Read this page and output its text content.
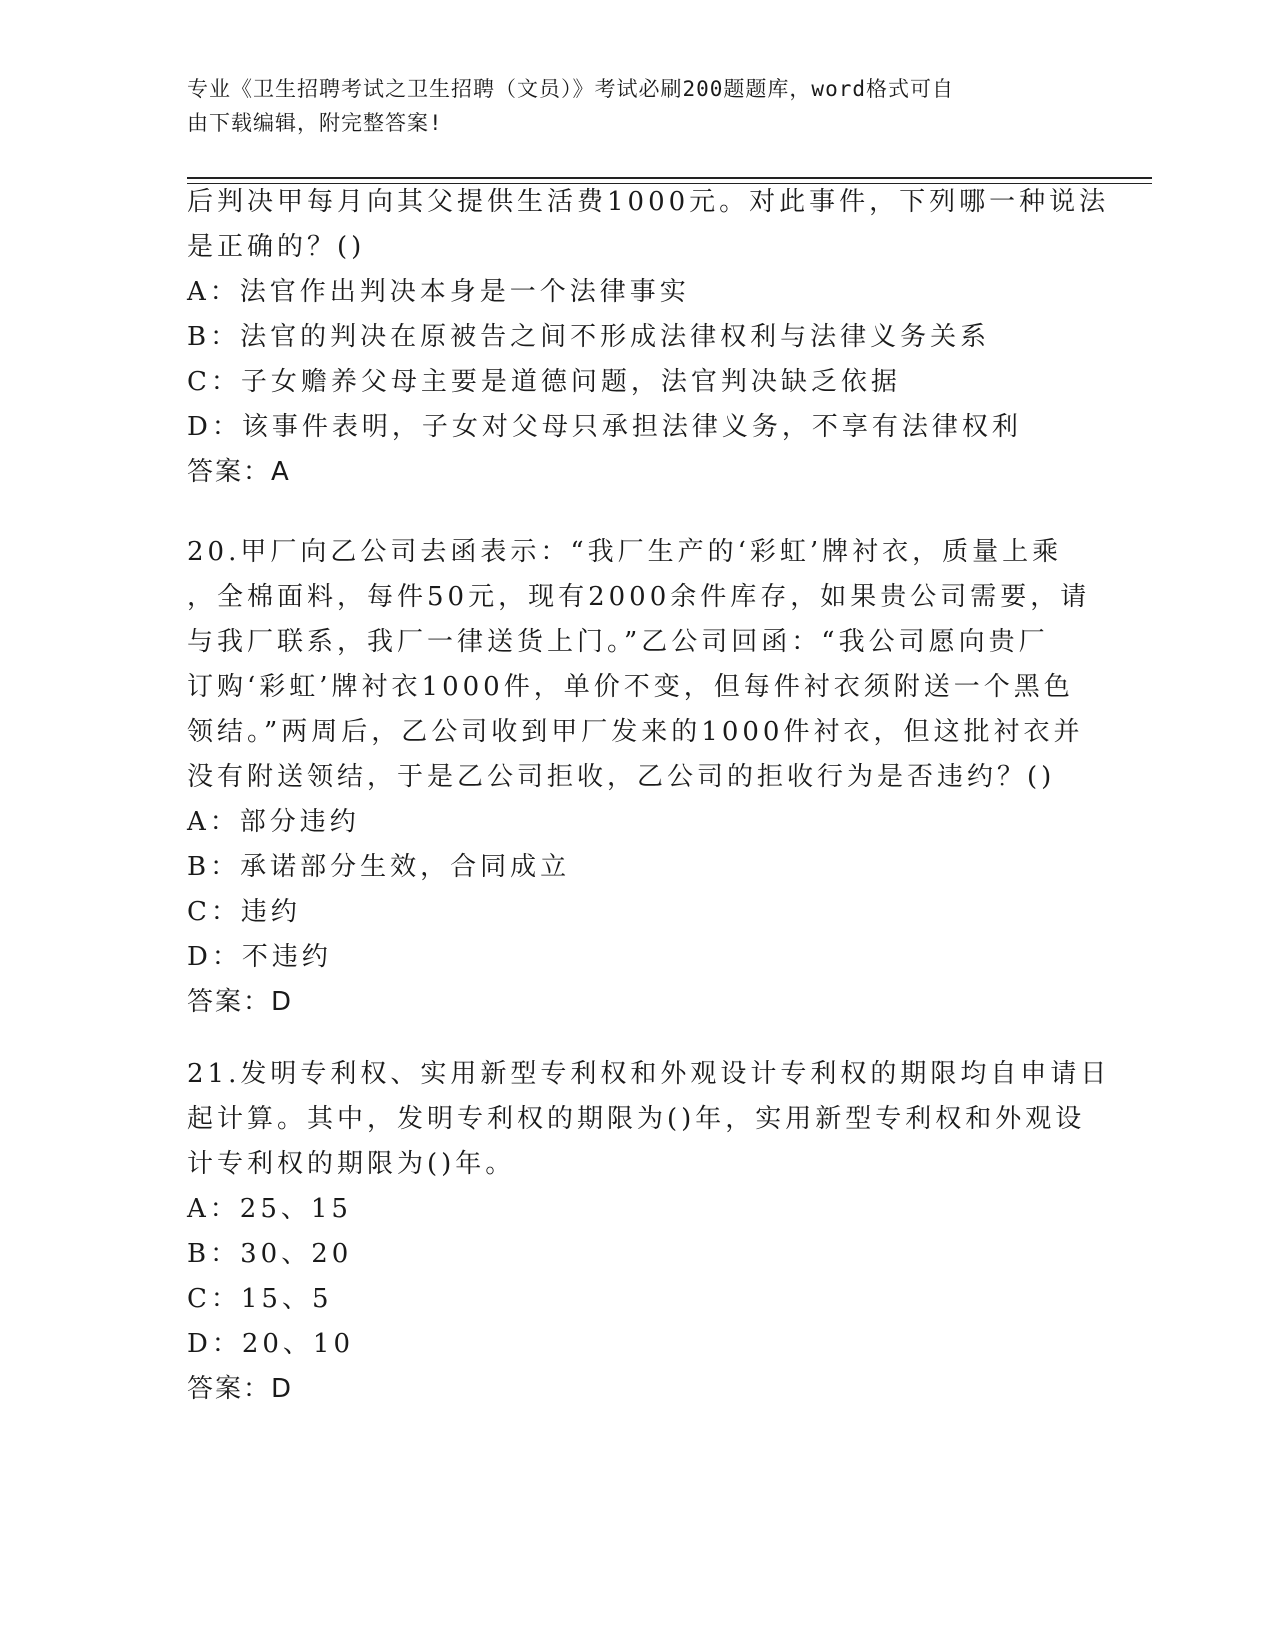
专业《卫生招聘考试之卫生招聘（文员）》考试必刷200题题库，word格式可自
由下载编辑，附完整答案!
后判决甲每月向其父提供生活费1000元。对此事件，下列哪一种说法
是正确的？()
A：法官作出判决本身是一个法律事实
B：法官的判决在原被告之间不形成法律权利与法律义务关系
C：子女赡养父母主要是道德问题，法官判决缺乏依据
D：该事件表明，子女对父母只承担法律义务，不享有法律权利
答案：A
20.甲厂向乙公司去函表示：“我厂生产的‘彩虹’牌衬衣，质量上乘
，全棉面料，每件50元，现有2000余件库存，如果贵公司需要，请
与我厂联系，我厂一律送货上门。”乙公司回函：“我公司愿向贵厂
订购‘彩虹’牌衬衣1000件，单价不变，但每件衬衣须附送一个黑色
领结。”两周后，乙公司收到甲厂发来的1000件衬衣，但这批衬衣并
没有附送领结，于是乙公司拒收，乙公司的拒收行为是否违约？()
A：部分违约
B：承诺部分生效，合同成立
C：违约
D：不违约
答案：D
21.发明专利权、实用新型专利权和外观设计专利权的期限均自申请日
起计算。其中，发明专利权的期限为()年，实用新型专利权和外观设
计专利权的期限为()年。
A：25、15
B：30、20
C：15、5
D：20、10
答案：D
